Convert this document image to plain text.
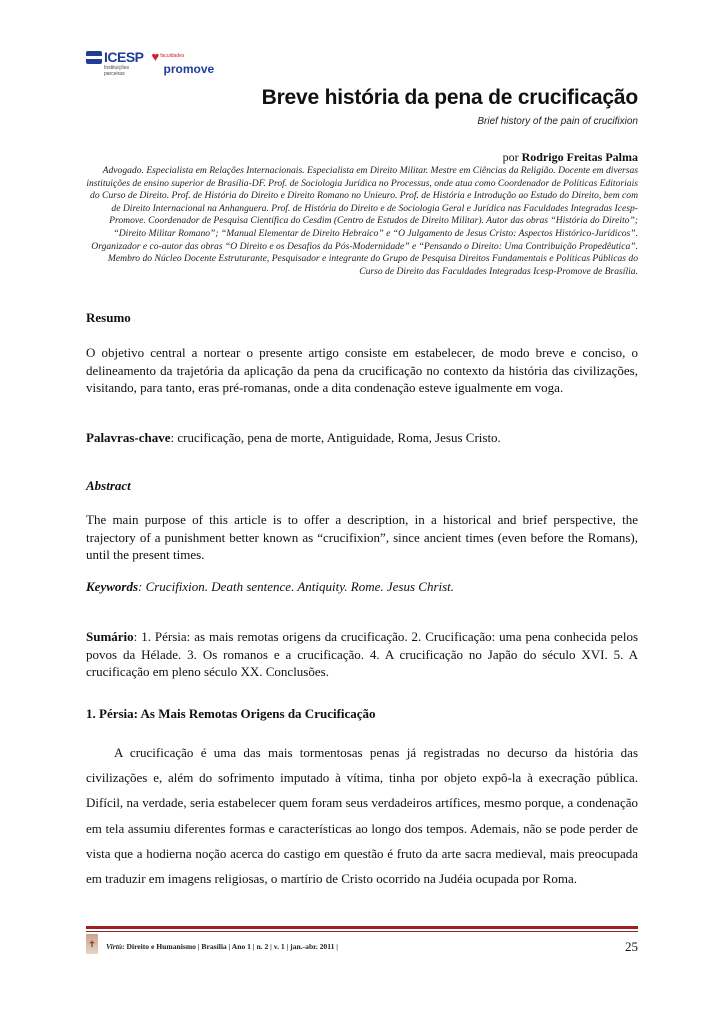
ICESP
Instituições parceiras
♥ faculdades
promove
Breve história da pena de crucificação

Brief history of the pain of crucifixion

por Rodrigo Freitas Palma

Advogado. Especialista em Relações Internacionais. Especialista em Direito Militar. Mestre em Ciências da Religião. Docente em diversas instituições de ensino superior de Brasília-DF. Prof. de Sociologia Jurídica no Processus, onde atua como Coordenador de Políticas Editoriais do Curso de Direito. Prof. de História do Direito e Direito Romano no Unieuro. Prof. de História e Introdução ao Estudo do Direito, bem com de Direito Internacional na Anhanguera. Prof. de História do Direito e de Sociologia Geral e Jurídica nas Faculdades Integradas Icesp-Promove. Coordenador de Pesquisa Científica do Cesdim (Centro de Estudos de Direito Militar). Autor das obras “História do Direito”; “Direito Militar Romano”; “Manual Elementar de Direito Hebraico” e “O Julgamento de Jesus Cristo: Aspectos Histórico-Jurídicos”. Organizador e co-autor das obras “O Direito e os Desafios da Pós-Modernidade” e “Pensando o Direito: Uma Contribuição Propedêutica”. Membro do Núcleo Docente Estruturante, Pesquisador e integrante do Grupo de Pesquisa Direitos Fundamentais e Políticas Públicas do Curso de Direito das Faculdades Integradas Icesp-Promove de Brasília.

Resumo

O objetivo central a nortear o presente artigo consiste em estabelecer, de modo breve e conciso, o delineamento da trajetória da aplicação da pena da crucificação no contexto da história das civilizações, visitando, para tanto, eras pré-romanas, onde a dita condenação esteve igualmente em voga.

Palavras-chave: crucificação, pena de morte, Antiguidade, Roma, Jesus Cristo.

Abstract

The main purpose of this article is to offer a description, in a historical and brief perspective, the trajectory of a punishment better known as “crucifixion”, since ancient times (even before the Romans), until the present times.

Keywords: Crucifixion. Death sentence. Antiquity. Rome. Jesus Christ.

Sumário: 1. Pérsia: as mais remotas origens da crucificação. 2. Crucificação: uma pena conhecida pelos povos da Hélade. 3. Os romanos e a crucificação. 4. A crucificação no Japão do século XVI. 5. A crucificação em pleno século XX. Conclusões.

1. Pérsia: As Mais Remotas Origens da Crucificação

A crucificação é uma das mais tormentosas penas já registradas no decurso da história das civilizações e, além do sofrimento imputado à vítima, tinha por objeto expô-la à execração pública. Difícil, na verdade, seria estabelecer quem foram seus verdadeiros artífices, mesmo porque, a condenação em tela assumiu diferentes formas e características ao longo dos tempos. Ademais, não se pode perder de vista que a hodierna noção acerca do castigo em questão é fruto da arte sacra medieval, mais preocupada em traduzir em imagens religiosas, o martírio de Cristo ocorrido na Judéia ocupada por Roma.

✝ Virtù: Direito e Humanismo | Brasília | Ano 1 | n. 2 | v. 1 | jan.-abr. 2011 |	25
